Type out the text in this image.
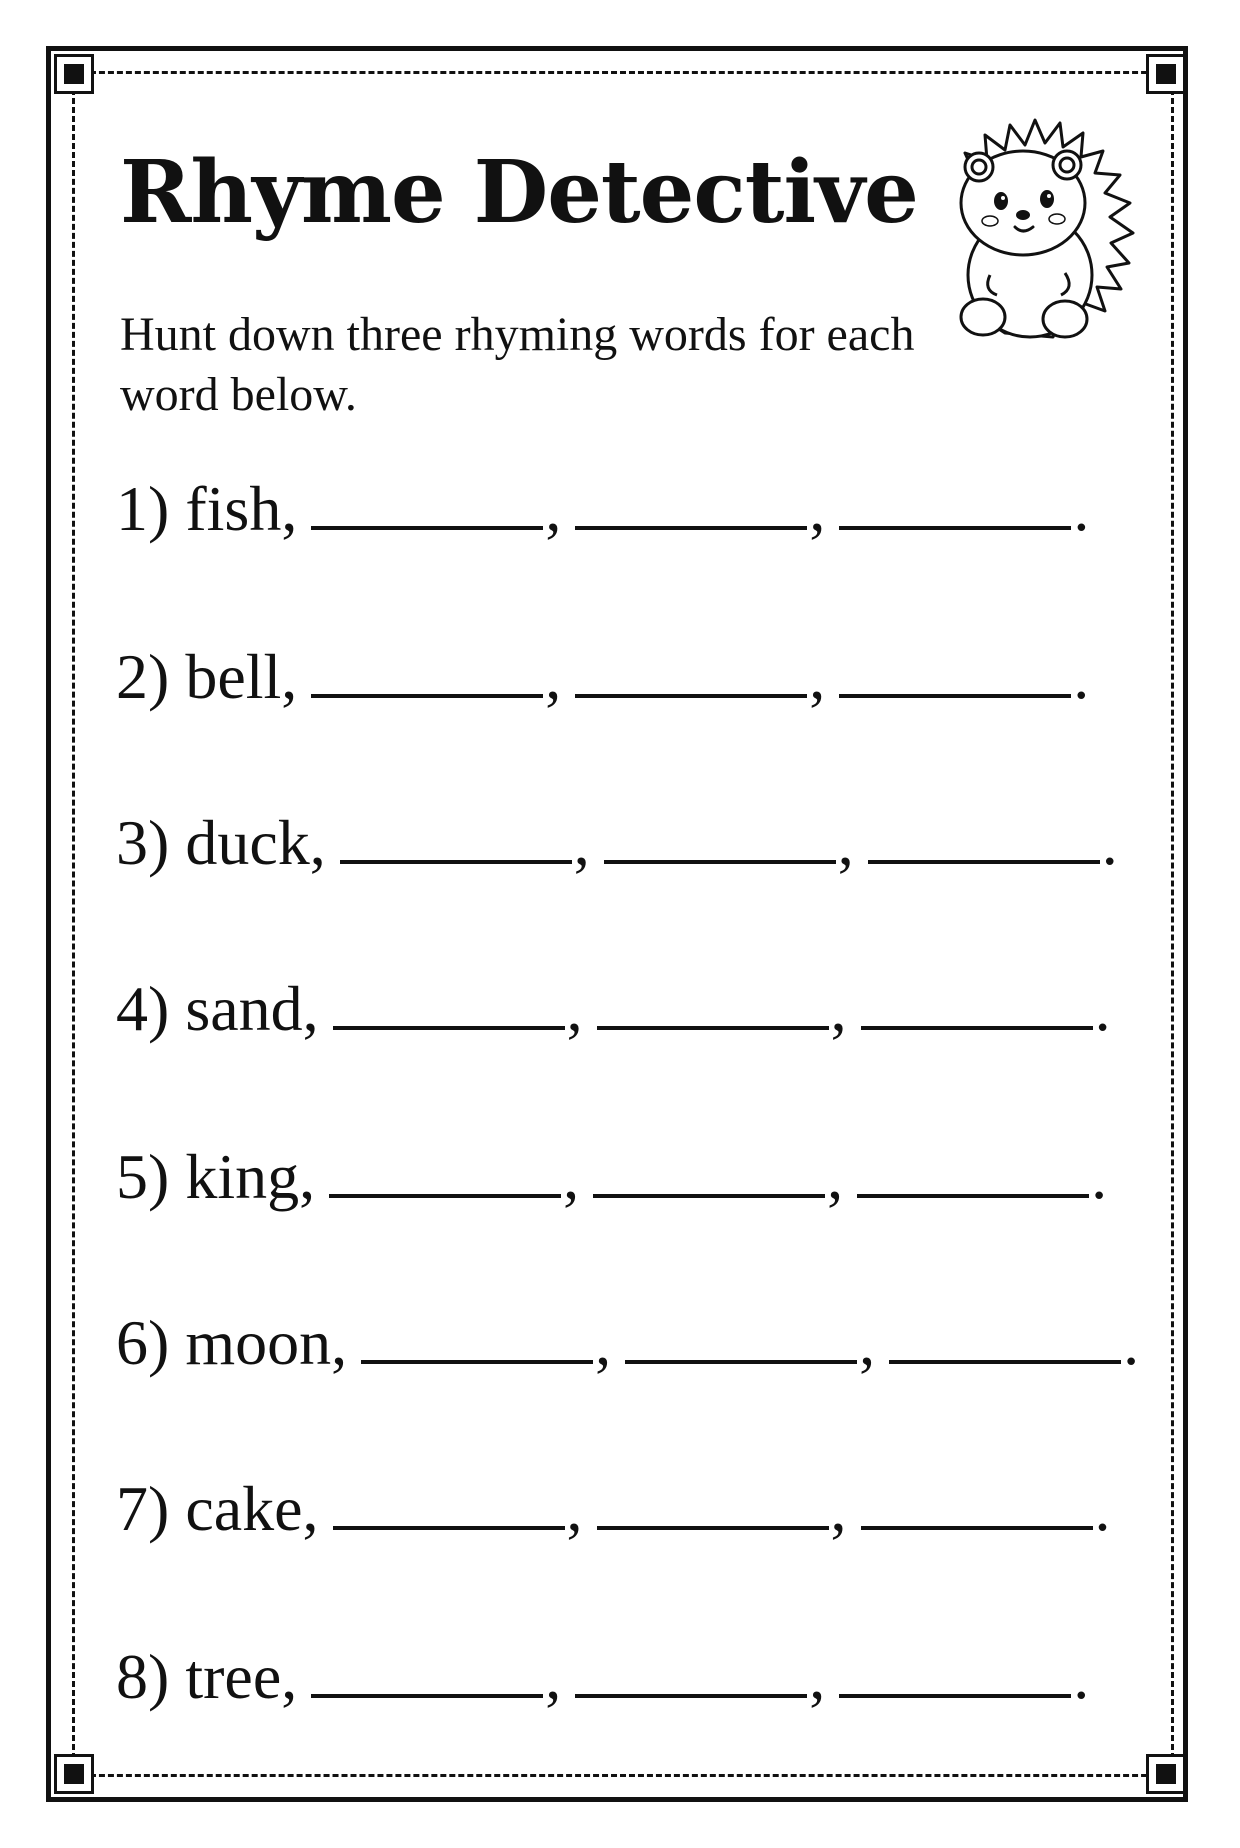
Rhyme Detective

Hunt down three rhyming words for each word below.

1) fish,	,	,	.
2) bell,	,	,	.
3) duck,	,	,	.
4) sand,	,	,	.
5) king,	,	,	.
6) moon,	,	,	.
7) cake,	,	,	.
8) tree,	,	,	.
